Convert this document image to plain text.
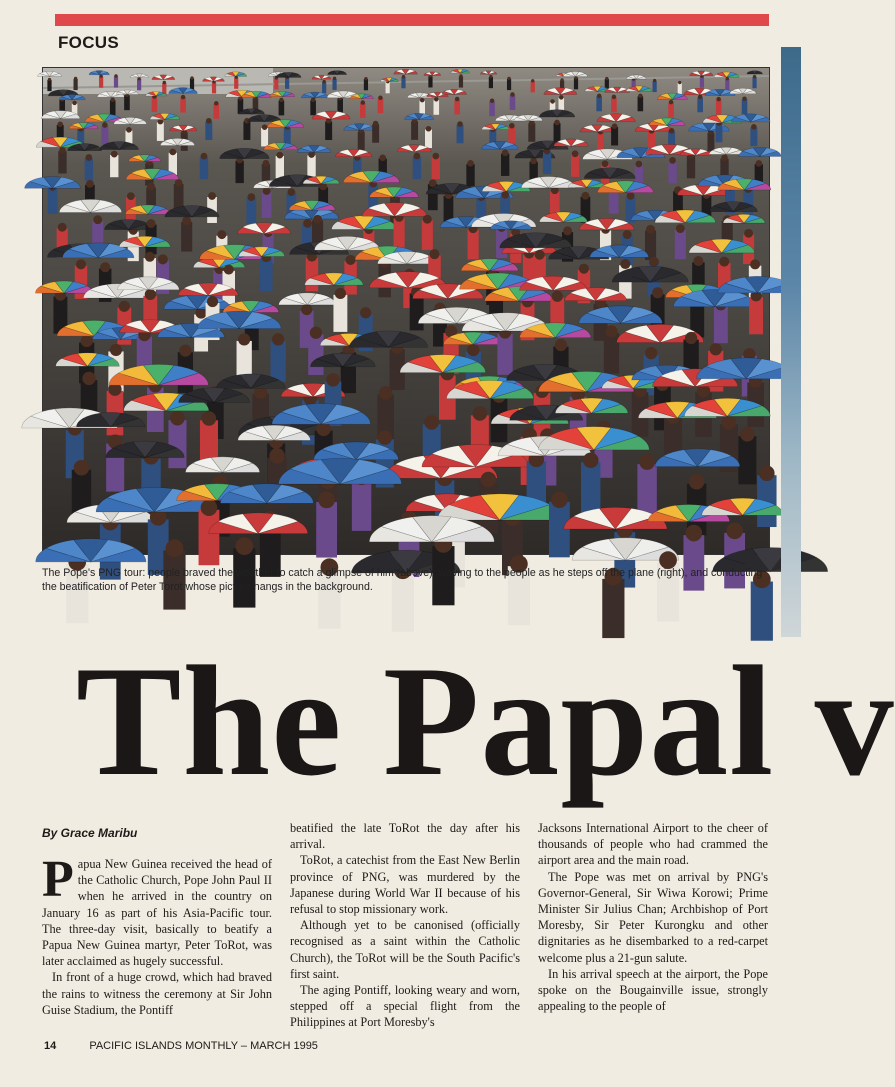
FOCUS
The Pope's PNG tour: people braved the weather to catch a glimpse of him (above); waving to the people as he steps off the plane (right), and conducting the beatification of Peter Torot whose picture hangs in the background.
The Papal v
By Grace Maribu

Papua New Guinea received the head of the Catholic Church, Pope John Paul II when he arrived in the country on January 16 as part of his Asia-Pacific tour. The three-day visit, basically to beatify a Papua New Guinea martyr, Peter ToRot, was later acclaimed as hugely successful.

In front of a huge crowd, which had braved the rains to witness the ceremony at Sir John Guise Stadium, the Pontiff

beatified the late ToRot the day after his arrival.

ToRot, a catechist from the East New Berlin province of PNG, was murdered by the Japanese during World War II because of his refusal to stop missionary work.

Although yet to be canonised (officially recognised as a saint within the Catholic Church), the ToRot will be the South Pacific's first saint.

The aging Pontiff, looking weary and worn, stepped off a special flight from the Philippines at Port Moresby's

Jacksons International Airport to the cheer of thousands of people who had crammed the airport area and the main road.

The Pope was met on arrival by PNG's Governor-General, Sir Wiwa Korowi; Prime Minister Sir Julius Chan; Archbishop of Port Moresby, Sir Peter Kurongku and other dignitaries as he disembarked to a red-carpet welcome plus a 21-gun salute.

In his arrival speech at the airport, the Pope spoke on the Bougainville issue, strongly appealing to the people of

14	PACIFIC ISLANDS MONTHLY – MARCH 1995
